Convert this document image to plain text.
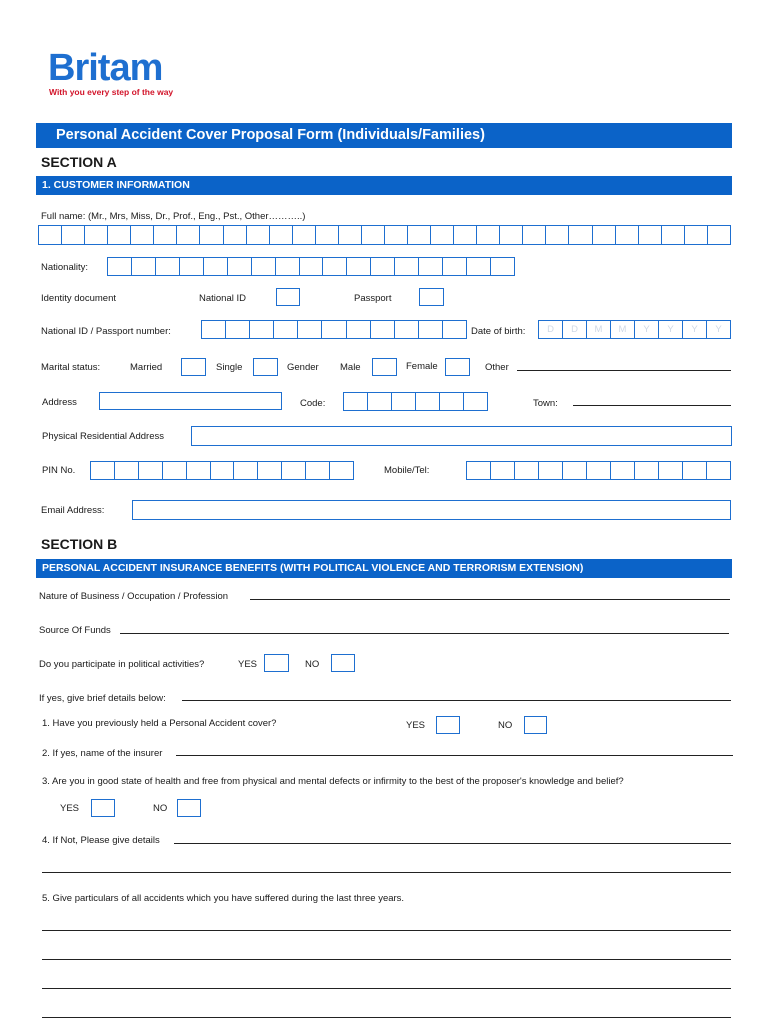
Britam
With you every step of the way
Personal Accident Cover Proposal Form (Individuals/Families)
SECTION A
1. CUSTOMER INFORMATION
Full name: (Mr., Mrs, Miss, Dr., Prof., Eng., Pst., Other………..)
Nationality:
Identity document	National ID	Passport
National ID / Passport number:	Date of birth:	D	D	M	M	Y	Y	Y	Y
Marital status:	Married	Single	Gender Male	Female	Other
Address	Code:	Town:
Physical Residential Address
PIN No.	Mobile/Tel:
Email Address:
SECTION B
PERSONAL ACCIDENT INSURANCE BENEFITS (WITH POLITICAL VIOLENCE AND TERRORISM EXTENSION)
Nature of Business / Occupation / Profession
Source Of Funds
Do you participate in political activities?	YES	NO
If yes, give brief details below:
1. Have you previously held a Personal Accident cover?	YES	NO
2. If yes, name of the insurer
3. Are you in good state of health and free from physical and mental defects or infirmity to the best of the proposer's knowledge and belief?
YES	NO
4. If Not, Please give details
5. Give particulars of all accidents which you have suffered during the last three years.
